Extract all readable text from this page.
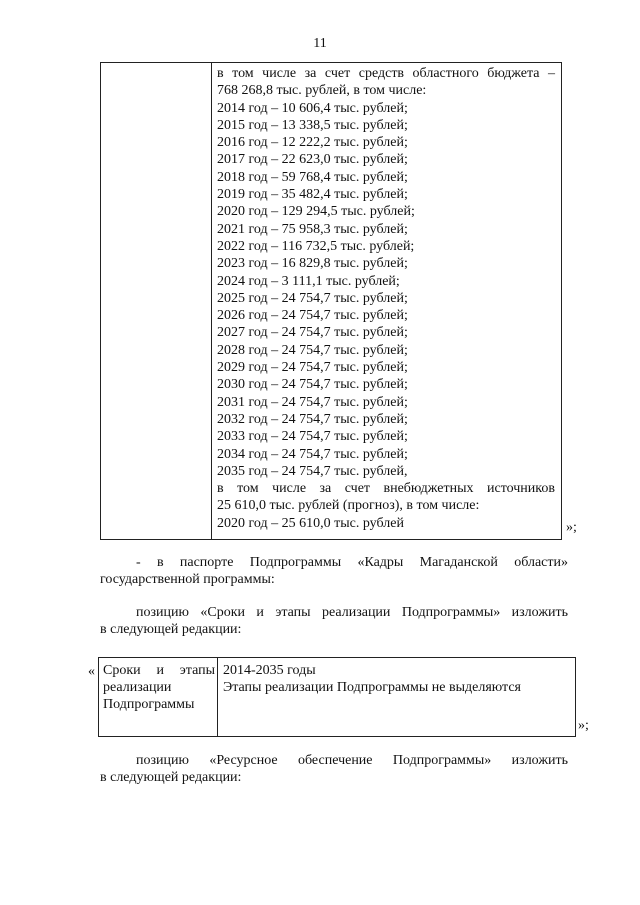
11
в том числе за счет средств областного бюджета –
768 268,8 тыс. рублей, в том числе:
2014 год – 10 606,4 тыс. рублей;
2015 год – 13 338,5 тыс. рублей;
2016 год – 12 222,2 тыс. рублей;
2017 год – 22 623,0 тыс. рублей;
2018 год – 59 768,4 тыс. рублей;
2019 год – 35 482,4 тыс. рублей;
2020 год – 129 294,5 тыс. рублей;
2021 год – 75 958,3 тыс. рублей;
2022 год – 116 732,5 тыс. рублей;
2023 год – 16 829,8 тыс. рублей;
2024 год – 3 111,1 тыс. рублей;
2025 год – 24 754,7 тыс. рублей;
2026 год – 24 754,7 тыс. рублей;
2027 год – 24 754,7 тыс. рублей;
2028 год – 24 754,7 тыс. рублей;
2029 год – 24 754,7 тыс. рублей;
2030 год – 24 754,7 тыс. рублей;
2031 год – 24 754,7 тыс. рублей;
2032 год – 24 754,7 тыс. рублей;
2033 год – 24 754,7 тыс. рублей;
2034 год – 24 754,7 тыс. рублей;
2035 год – 24 754,7 тыс. рублей,
в том числе за счет внебюджетных источников
25 610,0 тыс. рублей (прогноз), в том числе:
2020 год – 25 610,0 тыс. рублей	»;
- в паспорте Подпрограммы «Кадры Магаданской области»
государственной программы:
позицию «Сроки и этапы реализации Подпрограммы» изложить
в следующей редакции:
« Сроки и этапы
реализации
Подпрограммы
2014-2035 годы
Этапы реализации Подпрограммы не выделяются
»;
позицию «Ресурсное обеспечение Подпрограммы» изложить
в следующей редакции:
